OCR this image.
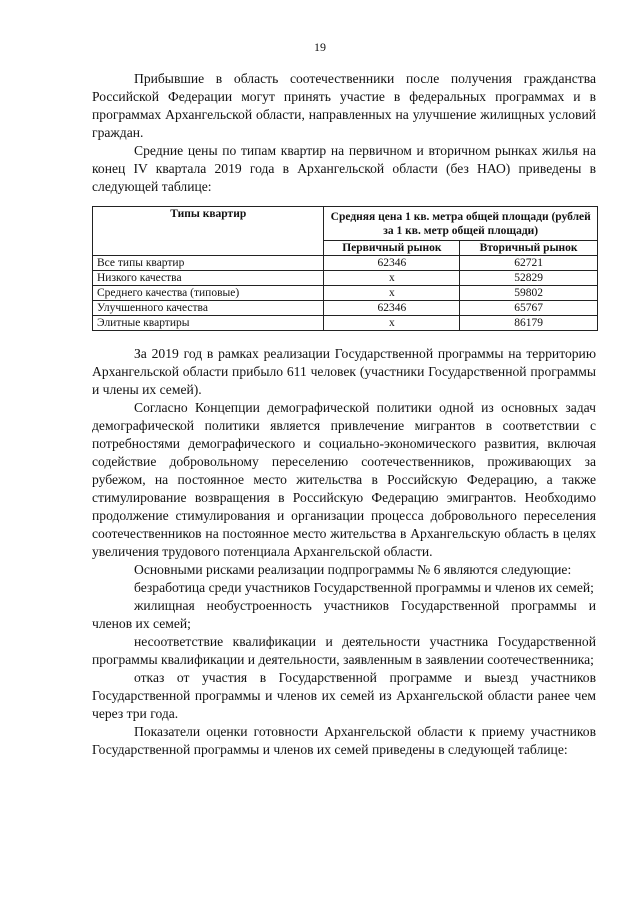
19

Прибывшие в область соотечественники после получения гражданства Российской Федерации могут принять участие в федеральных программах и в программах Архангельской области, направленных на улучшение жилищных условий граждан.

Средние цены по типам квартир на первичном и вторичном рынках жилья на конец IV квартала 2019 года в Архангельской области (без НАО) приведены в следующей таблице:

Типы квартир	Средняя цена 1 кв. метра общей площади (рублей за 1 кв. метр общей площади)	
	Первичный рынок	Вторичный рынок
Все типы квартир	62346	62721
Низкого качества	x	52829
Среднего качества (типовые)	x	59802
Улучшенного качества	62346	65767
Элитные квартиры	x	86179

За 2019 год в рамках реализации Государственной программы на территорию Архангельской области прибыло 611 человек (участники Государственной программы и члены их семей).

Согласно Концепции демографической политики одной из основных задач демографической политики является привлечение мигрантов в соответствии с потребностями демографического и социально-экономического развития, включая содействие добровольному переселению соотечественников, проживающих за рубежом, на постоянное место жительства в Российскую Федерацию, а также стимулирование возвращения в Российскую Федерацию эмигрантов. Необходимо продолжение стимулирования и организации процесса добровольного переселения соотечественников на постоянное место жительства в Архангельскую область в целях увеличения трудового потенциала Архангельской области.

Основными рисками реализации подпрограммы № 6 являются следующие:

безработица среди участников Государственной программы и членов их семей;

жилищная необустроенность участников Государственной программы и членов их семей;

несоответствие квалификации и деятельности участника Государственной программы квалификации и деятельности, заявленным в заявлении соотечественника;

отказ от участия в Государственной программе и выезд участников Государственной программы и членов их семей из Архангельской области ранее чем через три года.

Показатели оценки готовности Архангельской области к приему участников Государственной программы и членов их семей приведены в следующей таблице:
